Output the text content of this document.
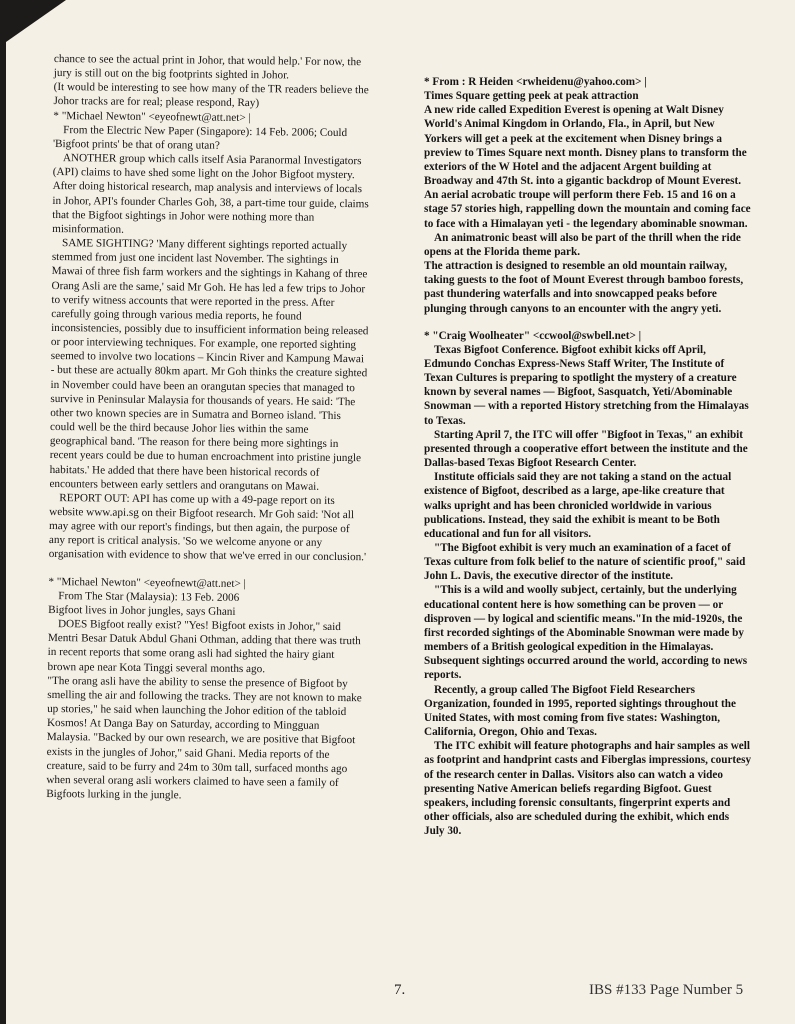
chance to see the actual print in Johor, that would help.' For now, the jury is still out on the big footprints sighted in Johor.

(It would be interesting to see how many of the TR readers believe the Johor tracks are for real; please respond, Ray)

* "Michael Newton" <eyeofnewt@att.net> |

From the Electric New Paper (Singapore): 14 Feb. 2006; Could 'Bigfoot prints' be that of orang utan?

ANOTHER group which calls itself Asia Paranormal Investigators (API) claims to have shed some light on the Johor Bigfoot mystery. After doing historical research, map analysis and interviews of locals in Johor, API's founder Charles Goh, 38, a part-time tour guide, claims that the Bigfoot sightings in Johor were nothing more than misinformation.

SAME SIGHTING? 'Many different sightings reported actually stemmed from just one incident last November. The sightings in Mawai of three fish farm workers and the sightings in Kahang of three Orang Asli are the same,' said Mr Goh. He has led a few trips to Johor to verify witness accounts that were reported in the press. After carefully going through various media reports, he found inconsistencies, possibly due to insufficient information being released or poor interviewing techniques. For example, one reported sighting seemed to involve two locations – Kincin River and Kampung Mawai - but these are actually 80km apart. Mr Goh thinks the creature sighted in November could have been an orangutan species that managed to survive in Peninsular Malaysia for thousands of years. He said: 'The other two known species are in Sumatra and Borneo island. 'This could well be the third because Johor lies within the same geographical band. 'The reason for there being more sightings in recent years could be due to human encroachment into pristine jungle habitats.' He added that there have been historical records of encounters between early settlers and orangutans on Mawai.

REPORT OUT: API has come up with a 49-page report on its website www.api.sg on their Bigfoot research. Mr Goh said: 'Not all may agree with our report's findings, but then again, the purpose of any report is critical analysis. 'So we welcome anyone or any organisation with evidence to show that we've erred in our conclusion.'

* "Michael Newton" <eyeofnewt@att.net> |

From The Star (Malaysia): 13 Feb. 2006

Bigfoot lives in Johor jungles, says Ghani

DOES Bigfoot really exist? "Yes! Bigfoot exists in Johor," said Mentri Besar Datuk Abdul Ghani Othman, adding that there was truth in recent reports that some orang asli had sighted the hairy giant brown ape near Kota Tinggi several months ago.

"The orang asli have the ability to sense the presence of Bigfoot by smelling the air and following the tracks. They are not known to make up stories," he said when launching the Johor edition of the tabloid Kosmos! At Danga Bay on Saturday, according to Mingguan Malaysia. "Backed by our own research, we are positive that Bigfoot exists in the jungles of Johor," said Ghani. Media reports of the creature, said to be furry and 24m to 30m tall, surfaced months ago when several orang asli workers claimed to have seen a family of Bigfoots lurking in the jungle.

* From : R Heiden <rwheidenu@yahoo.com> |

Times Square getting peek at peak attraction

A new ride called Expedition Everest is opening at Walt Disney World's Animal Kingdom in Orlando, Fla., in April, but New Yorkers will get a peek at the excitement when Disney brings a preview to Times Square next month. Disney plans to transform the exteriors of the W Hotel and the adjacent Argent building at Broadway and 47th St. into a gigantic backdrop of Mount Everest. An aerial acrobatic troupe will perform there Feb. 15 and 16 on a stage 57 stories high, rappelling down the mountain and coming face to face with a Himalayan yeti - the legendary abominable snowman.

An animatronic beast will also be part of the thrill when the ride opens at the Florida theme park.

The attraction is designed to resemble an old mountain railway, taking guests to the foot of Mount Everest through bamboo forests, past thundering waterfalls and into snowcapped peaks before plunging through canyons to an encounter with the angry yeti.

* "Craig Woolheater" <ccwool@swbell.net> |

Texas Bigfoot Conference. Bigfoot exhibit kicks off April, Edmundo Conchas Express-News Staff Writer, The Institute of Texan Cultures is preparing to spotlight the mystery of a creature known by several names — Bigfoot, Sasquatch, Yeti/Abominable Snowman — with a reported History stretching from the Himalayas to Texas.

Starting April 7, the ITC will offer "Bigfoot in Texas," an exhibit presented through a cooperative effort between the institute and the Dallas-based Texas Bigfoot Research Center.

Institute officials said they are not taking a stand on the actual existence of Bigfoot, described as a large, ape-like creature that walks upright and has been chronicled worldwide in various publications. Instead, they said the exhibit is meant to be Both educational and fun for all visitors.

"The Bigfoot exhibit is very much an examination of a facet of Texas culture from folk belief to the nature of scientific proof," said John L. Davis, the executive director of the institute.

"This is a wild and woolly subject, certainly, but the underlying educational content here is how something can be proven — or disproven — by logical and scientific means."In the mid-1920s, the first recorded sightings of the Abominable Snowman were made by members of a British geological expedition in the Himalayas. Subsequent sightings occurred around the world, according to news reports.

Recently, a group called The Bigfoot Field Researchers Organization, founded in 1995, reported sightings throughout the United States, with most coming from five states: Washington, California, Oregon, Ohio and Texas.

The ITC exhibit will feature photographs and hair samples as well as footprint and handprint casts and Fiberglas impressions, courtesy of the research center in Dallas. Visitors also can watch a video presenting Native American beliefs regarding Bigfoot. Guest speakers, including forensic consultants, fingerprint experts and other officials, also are scheduled during the exhibit, which ends July 30.

7.	IBS #133 Page Number 5
